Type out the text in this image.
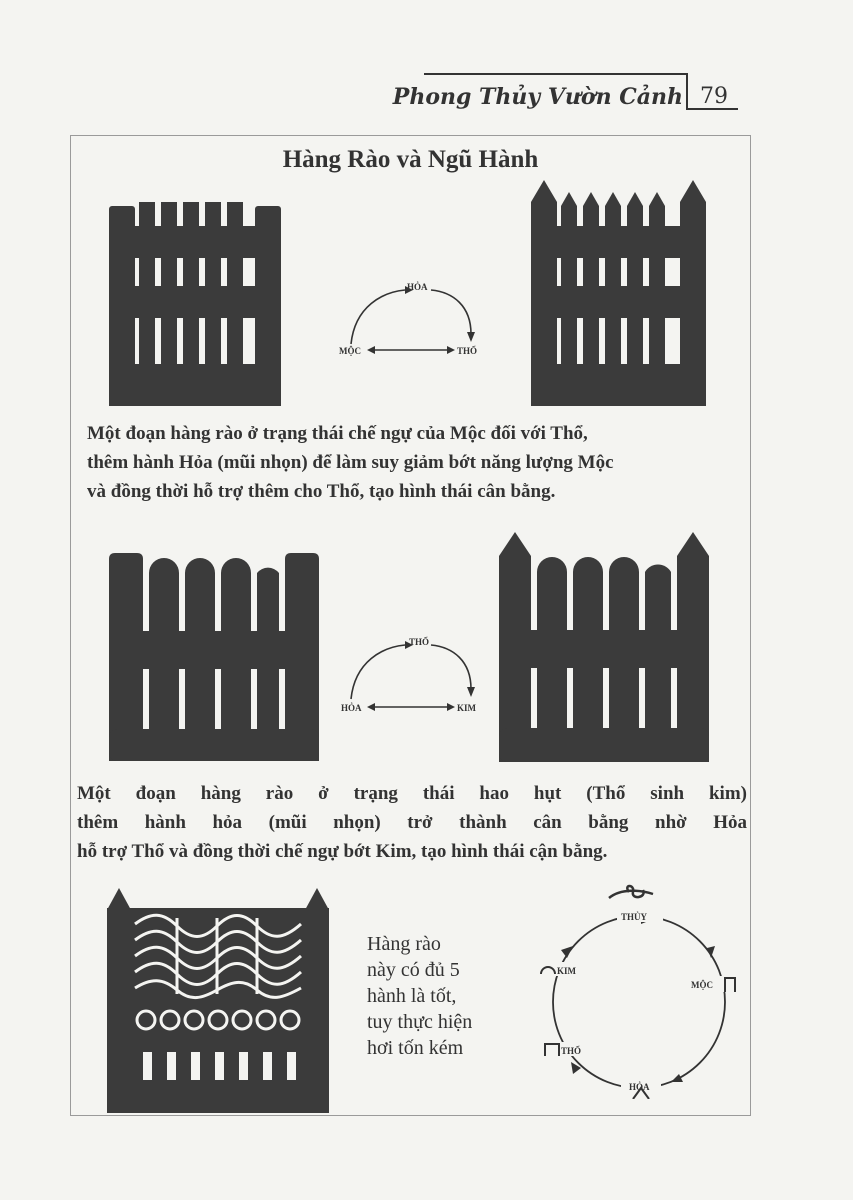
Phong Thủy Vườn Cảnh 79
Hàng Rào và Ngũ Hành
HỎA
MỘC	THỔ
Một đoạn hàng rào ở trạng thái chế ngự của Mộc đối với Thổ,
thêm hành Hỏa (mũi nhọn) để làm suy giảm bớt năng lượng Mộc
và đồng thời hỗ trợ thêm cho Thổ, tạo hình thái cân bằng.
THỔ
HỎA	KIM
Một đoạn hàng rào ở trạng thái hao hụt (Thổ sinh kim)
thêm hành hỏa (mũi nhọn) trở thành cân bằng nhờ Hỏa
hỗ trợ Thổ và đồng thời chế ngự bớt Kim, tạo hình thái cận bằng.
Hàng rào
này có đủ 5
hành là tốt,
tuy thực hiện
hơi tốn kém
THỦY
MỘC
HỎA
THỔ
KIM
